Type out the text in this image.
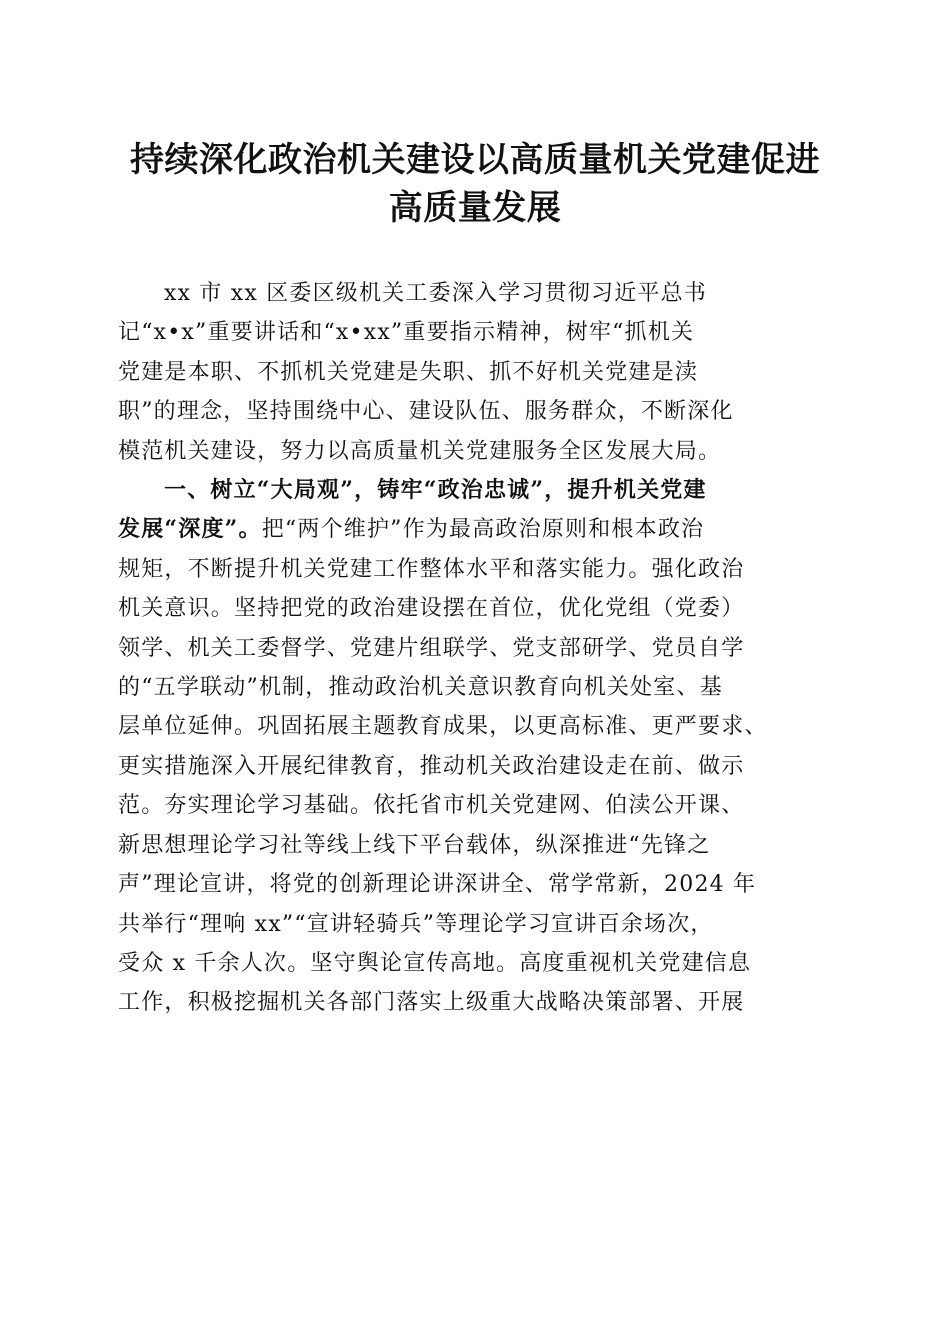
持续深化政治机关建设以高质量机关党建促进
高质量发展

xx 市 xx 区委区级机关工委深入学习贯彻习近平总书
记“x•x”重要讲话和“x•xx”重要指示精神，树牢“抓机关
党建是本职、不抓机关党建是失职、抓不好机关党建是渎
职”的理念，坚持围绕中心、建设队伍、服务群众，不断深化
模范机关建设，努力以高质量机关党建服务全区发展大局。

一、树立“大局观”，铸牢“政治忠诚”，提升机关党建
发展“深度”。把“两个维护”作为最高政治原则和根本政治
规矩，不断提升机关党建工作整体水平和落实能力。强化政治
机关意识。坚持把党的政治建设摆在首位，优化党组（党委）
领学、机关工委督学、党建片组联学、党支部研学、党员自学
的“五学联动”机制，推动政治机关意识教育向机关处室、基
层单位延伸。巩固拓展主题教育成果，以更高标准、更严要求、
更实措施深入开展纪律教育，推动机关政治建设走在前、做示
范。夯实理论学习基础。依托省市机关党建网、伯渎公开课、
新思想理论学习社等线上线下平台载体，纵深推进“先锋之
声”理论宣讲，将党的创新理论讲深讲全、常学常新，2024 年
共举行“理响 xx”“宣讲轻骑兵”等理论学习宣讲百余场次，
受众 x 千余人次。坚守舆论宣传高地。高度重视机关党建信息
工作，积极挖掘机关各部门落实上级重大战略决策部署、开展
